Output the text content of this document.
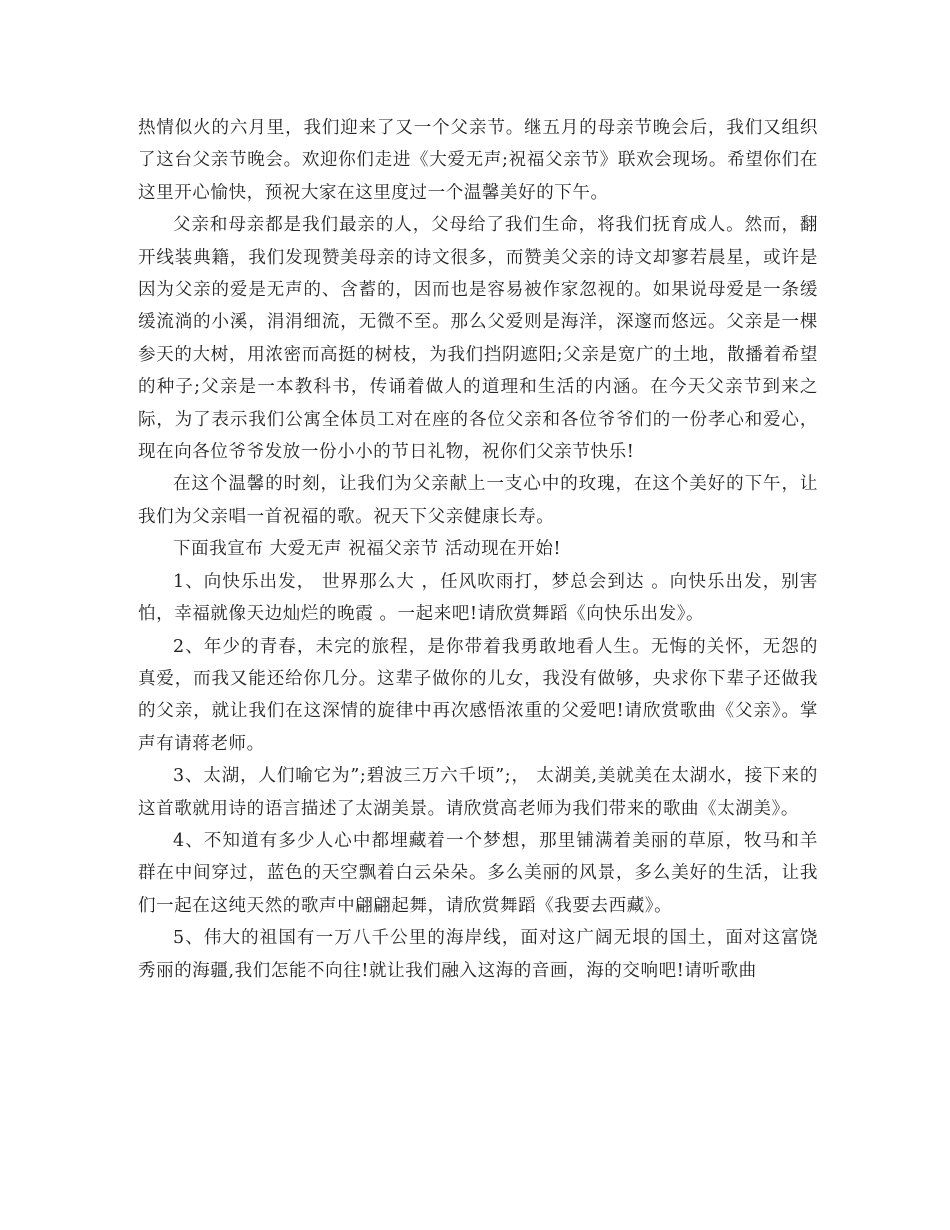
热情似火的六月里，我们迎来了又一个父亲节。继五月的母亲节晚会后，我们又组织了这台父亲节晚会。欢迎你们走进《大爱无声;祝福父亲节》联欢会现场。希望你们在这里开心愉快，预祝大家在这里度过一个温馨美好的下午。

父亲和母亲都是我们最亲的人，父母给了我们生命，将我们抚育成人。然而，翻开线装典籍，我们发现赞美母亲的诗文很多，而赞美父亲的诗文却寥若晨星，或许是因为父亲的爱是无声的、含蓄的，因而也是容易被作家忽视的。如果说母爱是一条缓缓流淌的小溪，涓涓细流，无微不至。那么父爱则是海洋，深邃而悠远。父亲是一棵参天的大树，用浓密而高挺的树枝，为我们挡阴遮阳;父亲是宽广的土地，散播着希望的种子;父亲是一本教科书，传诵着做人的道理和生活的内涵。在今天父亲节到来之际，为了表示我们公寓全体员工对在座的各位父亲和各位爷爷们的一份孝心和爱心，现在向各位爷爷发放一份小小的节日礼物，祝你们父亲节快乐!

在这个温馨的时刻，让我们为父亲献上一支心中的玫瑰，在这个美好的下午，让我们为父亲唱一首祝福的歌。祝天下父亲健康长寿。

下面我宣布 大爱无声 祝福父亲节 活动现在开始!

1、向快乐出发， 世界那么大 ，任风吹雨打，梦总会到达 。向快乐出发，别害怕，幸福就像天边灿烂的晚霞 。一起来吧!请欣赏舞蹈《向快乐出发》。

2、年少的青春，未完的旅程，是你带着我勇敢地看人生。无悔的关怀，无怨的真爱，而我又能还给你几分。这辈子做你的儿女，我没有做够，央求你下辈子还做我的父亲，就让我们在这深情的旋律中再次感悟浓重的父爱吧!请欣赏歌曲《父亲》。掌声有请蒋老师。

3、太湖，人们喻它为”;碧波三万六千顷”;， 太湖美,美就美在太湖水，接下来的这首歌就用诗的语言描述了太湖美景。请欣赏高老师为我们带来的歌曲《太湖美》。

4、不知道有多少人心中都埋藏着一个梦想，那里铺满着美丽的草原，牧马和羊群在中间穿过，蓝色的天空飘着白云朵朵。多么美丽的风景，多么美好的生活，让我们一起在这纯天然的歌声中翩翩起舞，请欣赏舞蹈《我要去西藏》。

5、伟大的祖国有一万八千公里的海岸线，面对这广阔无垠的国土，面对这富饶秀丽的海疆,我们怎能不向往!就让我们融入这海的音画，海的交响吧!请听歌曲
